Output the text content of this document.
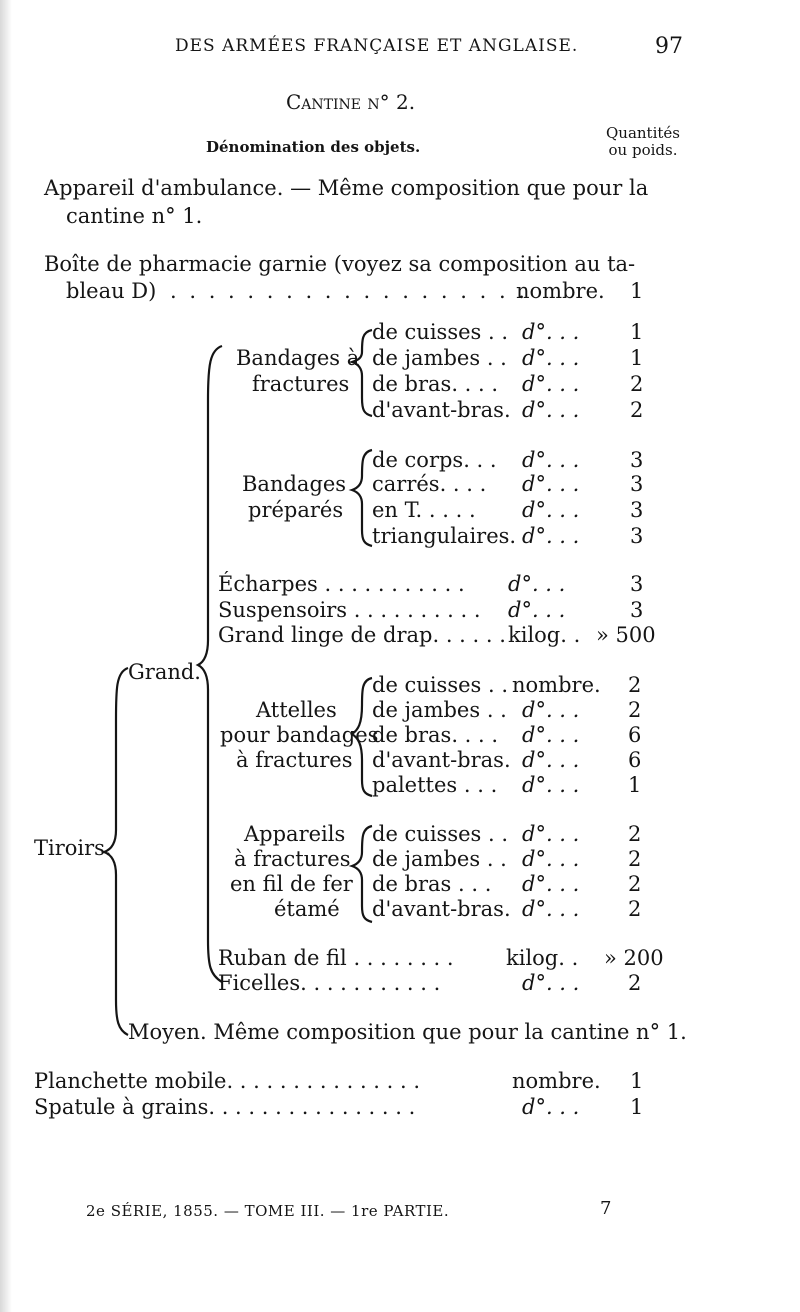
DES ARMÉES FRANÇAISE ET ANGLAISE.	97
Cantine n° 2.
Dénomination des objets.
Quantités ou poids.
Appareil d'ambulance. — Même composition que pour la
cantine n° 1.
Boîte de pharmacie garnie (voyez sa composition au ta-
bleau D) . . . . . . . . . . . . . . . . . . .
nombre. 1
Tiroirs.
Grand.
Bandages à
fractures
de cuisses . .
de jambes . .
de bras. . . .
d'avant-bras.
d°. . .
d°. . .
d°. . .
d°. . .
1
1
2
2
Bandages
préparés
de corps. . .
carrés. . . .
en T. . . . .
triangulaires.
d°. . .
d°. . .
d°. . .
d°. . .
3
3
3
3
Écharpes . . . . . . . . . . .
Suspensoirs . . . . . . . . . .
Grand linge de drap. . . . . .
d°. . .
d°. . .
kilog. .
3
3
» 500
Attelles
pour bandages
à fractures
de cuisses . .
de jambes . .
de bras. . . .
d'avant-bras.
palettes . . .
nombre.
d°. . .
d°. . .
d°. . .
d°. . .
2
2
6
6
1
Appareils
à fractures
en fil de fer
étamé
de cuisses . .
de jambes . .
de bras . . .
d'avant-bras.
d°. . .
d°. . .
d°. . .
d°. . .
2
2
2
2
Ruban de fil . . . . . . . .
Ficelles. . . . . . . . . . .
kilog. .
d°. . .
» 200
2
Moyen. Même composition que pour la cantine n° 1.
Planchette mobile. . . . . . . . . . . . . . .
Spatule à grains. . . . . . . . . . . . . . . .
nombre.
d°. . .
1
1
2e SÉRIE, 1855. — TOME III. — 1re PARTIE.	7
